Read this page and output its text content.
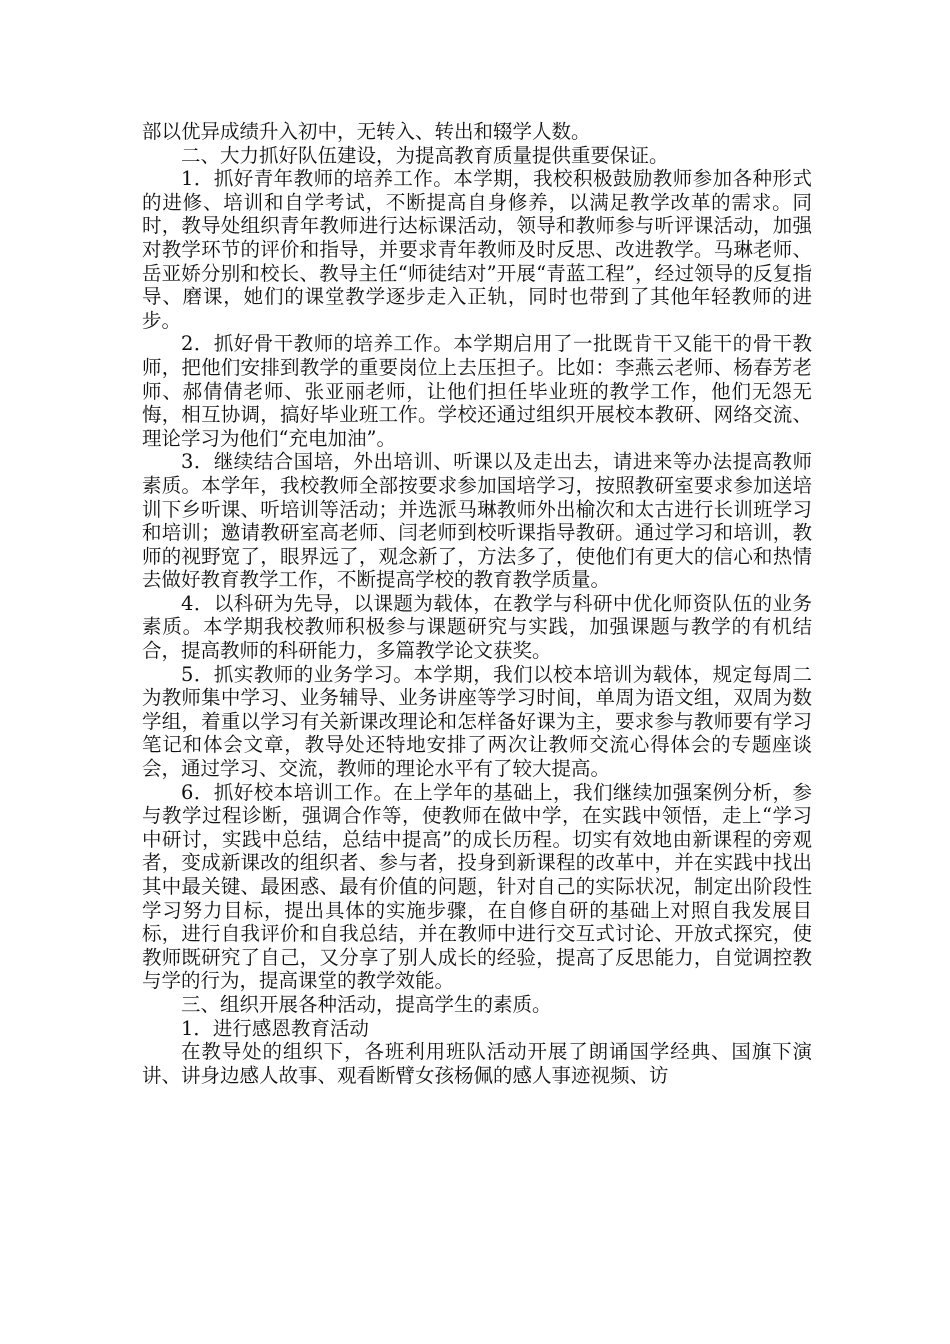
部以优异成绩升入初中，无转入、转出和辍学人数。

二、大力抓好队伍建设，为提高教育质量提供重要保证。

1．抓好青年教师的培养工作。本学期，我校积极鼓励教师参加各种形式的进修、培训和自学考试，不断提高自身修养，以满足教学改革的需求。同时，教导处组织青年教师进行达标课活动，领导和教师参与听评课活动，加强对教学环节的评价和指导，并要求青年教师及时反思、改进教学。马琳老师、岳亚娇分别和校长、教导主任“师徒结对”开展“青蓝工程”，经过领导的反复指导、磨课，她们的课堂教学逐步走入正轨，同时也带到了其他年轻教师的进步。

2．抓好骨干教师的培养工作。本学期启用了一批既肯干又能干的骨干教师，把他们安排到教学的重要岗位上去压担子。比如：李燕云老师、杨春芳老师、郝倩倩老师、张亚丽老师，让他们担任毕业班的教学工作，他们无怨无悔，相互协调，搞好毕业班工作。学校还通过组织开展校本教研、网络交流、理论学习为他们“充电加油”。

3．继续结合国培，外出培训、听课以及走出去，请进来等办法提高教师素质。本学年，我校教师全部按要求参加国培学习，按照教研室要求参加送培训下乡听课、听培训等活动；并选派马琳教师外出榆次和太古进行长训班学习和培训；邀请教研室高老师、闫老师到校听课指导教研。通过学习和培训，教师的视野宽了，眼界远了，观念新了，方法多了，使他们有更大的信心和热情去做好教育教学工作，不断提高学校的教育教学质量。

4．以科研为先导，以课题为载体，在教学与科研中优化师资队伍的业务素质。本学期我校教师积极参与课题研究与实践，加强课题与教学的有机结合，提高教师的科研能力，多篇教学论文获奖。

5．抓实教师的业务学习。本学期，我们以校本培训为载体，规定每周二为教师集中学习、业务辅导、业务讲座等学习时间，单周为语文组，双周为数学组，着重以学习有关新课改理论和怎样备好课为主，要求参与教师要有学习笔记和体会文章，教导处还特地安排了两次让教师交流心得体会的专题座谈会，通过学习、交流，教师的理论水平有了较大提高。

6．抓好校本培训工作。在上学年的基础上，我们继续加强案例分析，参与教学过程诊断，强调合作等，使教师在做中学，在实践中领悟，走上“学习中研讨，实践中总结，总结中提高”的成长历程。切实有效地由新课程的旁观者，变成新课改的组织者、参与者，投身到新课程的改革中，并在实践中找出其中最关键、最困惑、最有价值的问题，针对自己的实际状况，制定出阶段性学习努力目标，提出具体的实施步骤，在自修自研的基础上对照自我发展目标，进行自我评价和自我总结，并在教师中进行交互式讨论、开放式探究，使教师既研究了自己，又分享了别人成长的经验，提高了反思能力，自觉调控教与学的行为，提高课堂的教学效能。

三、组织开展各种活动，提高学生的素质。

1．进行感恩教育活动

在教导处的组织下，各班利用班队活动开展了朗诵国学经典、国旗下演讲、讲身边感人故事、观看断臂女孩杨佩的感人事迹视频、访
